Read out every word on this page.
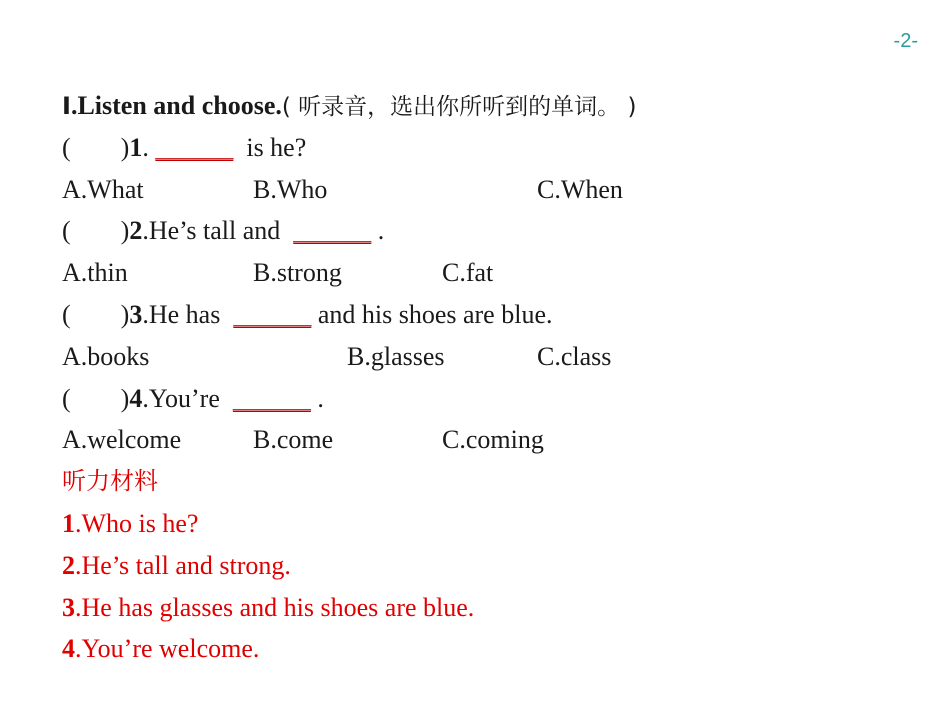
-2-
Ⅰ.Listen and choose.( 听录音，选出你所听到的单词。 )
( )1. ______  is he?

A.What

	B.Who

	C.When

( )2.He’s tall and  ______ .

A.thin

	B.strong

	C.fat

( )3.He has  ______ and his shoes are blue.

A.books

	B.glasses

	C.class

( )4.You’re  ______ .

A.welcome

	B.come

	C.coming

听力材料
1.Who is he?
2.He’s tall and strong.
3.He has glasses and his shoes are blue.
4.You’re welcome.
